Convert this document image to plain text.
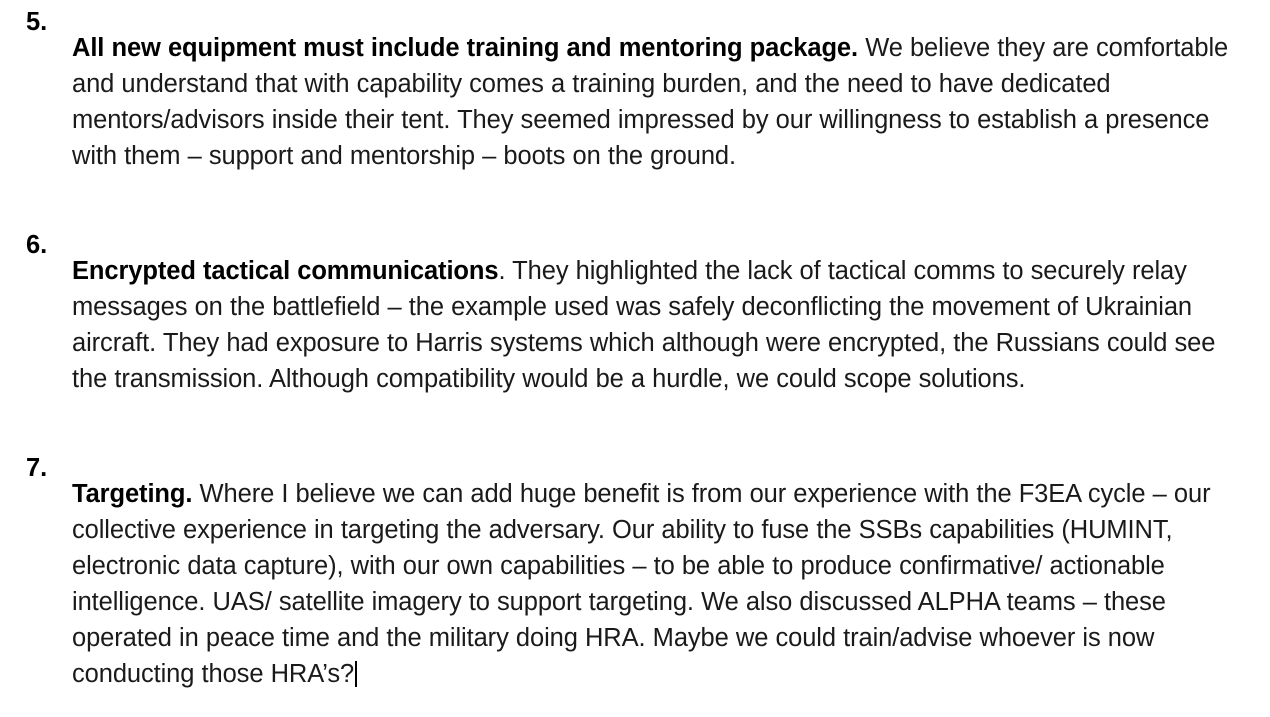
5.

All new equipment must include training and mentoring package. We believe they are comfortable and understand that with capability comes a training burden, and the need to have dedicated mentors/advisors inside their tent. They seemed impressed by our willingness to establish a presence with them – support and mentorship – boots on the ground.

6.

Encrypted tactical communications. They highlighted the lack of tactical comms to securely relay messages on the battlefield – the example used was safely deconflicting the movement of Ukrainian aircraft. They had exposure to Harris systems which although were encrypted, the Russians could see the transmission. Although compatibility would be a hurdle, we could scope solutions.

7.

Targeting. Where I believe we can add huge benefit is from our experience with the F3EA cycle – our collective experience in targeting the adversary. Our ability to fuse the SSBs capabilities (HUMINT, electronic data capture), with our own capabilities – to be able to produce confirmative/ actionable intelligence. UAS/ satellite imagery to support targeting. We also discussed ALPHA teams – these operated in peace time and the military doing HRA. Maybe we could train/advise whoever is now conducting those HRA’s?
